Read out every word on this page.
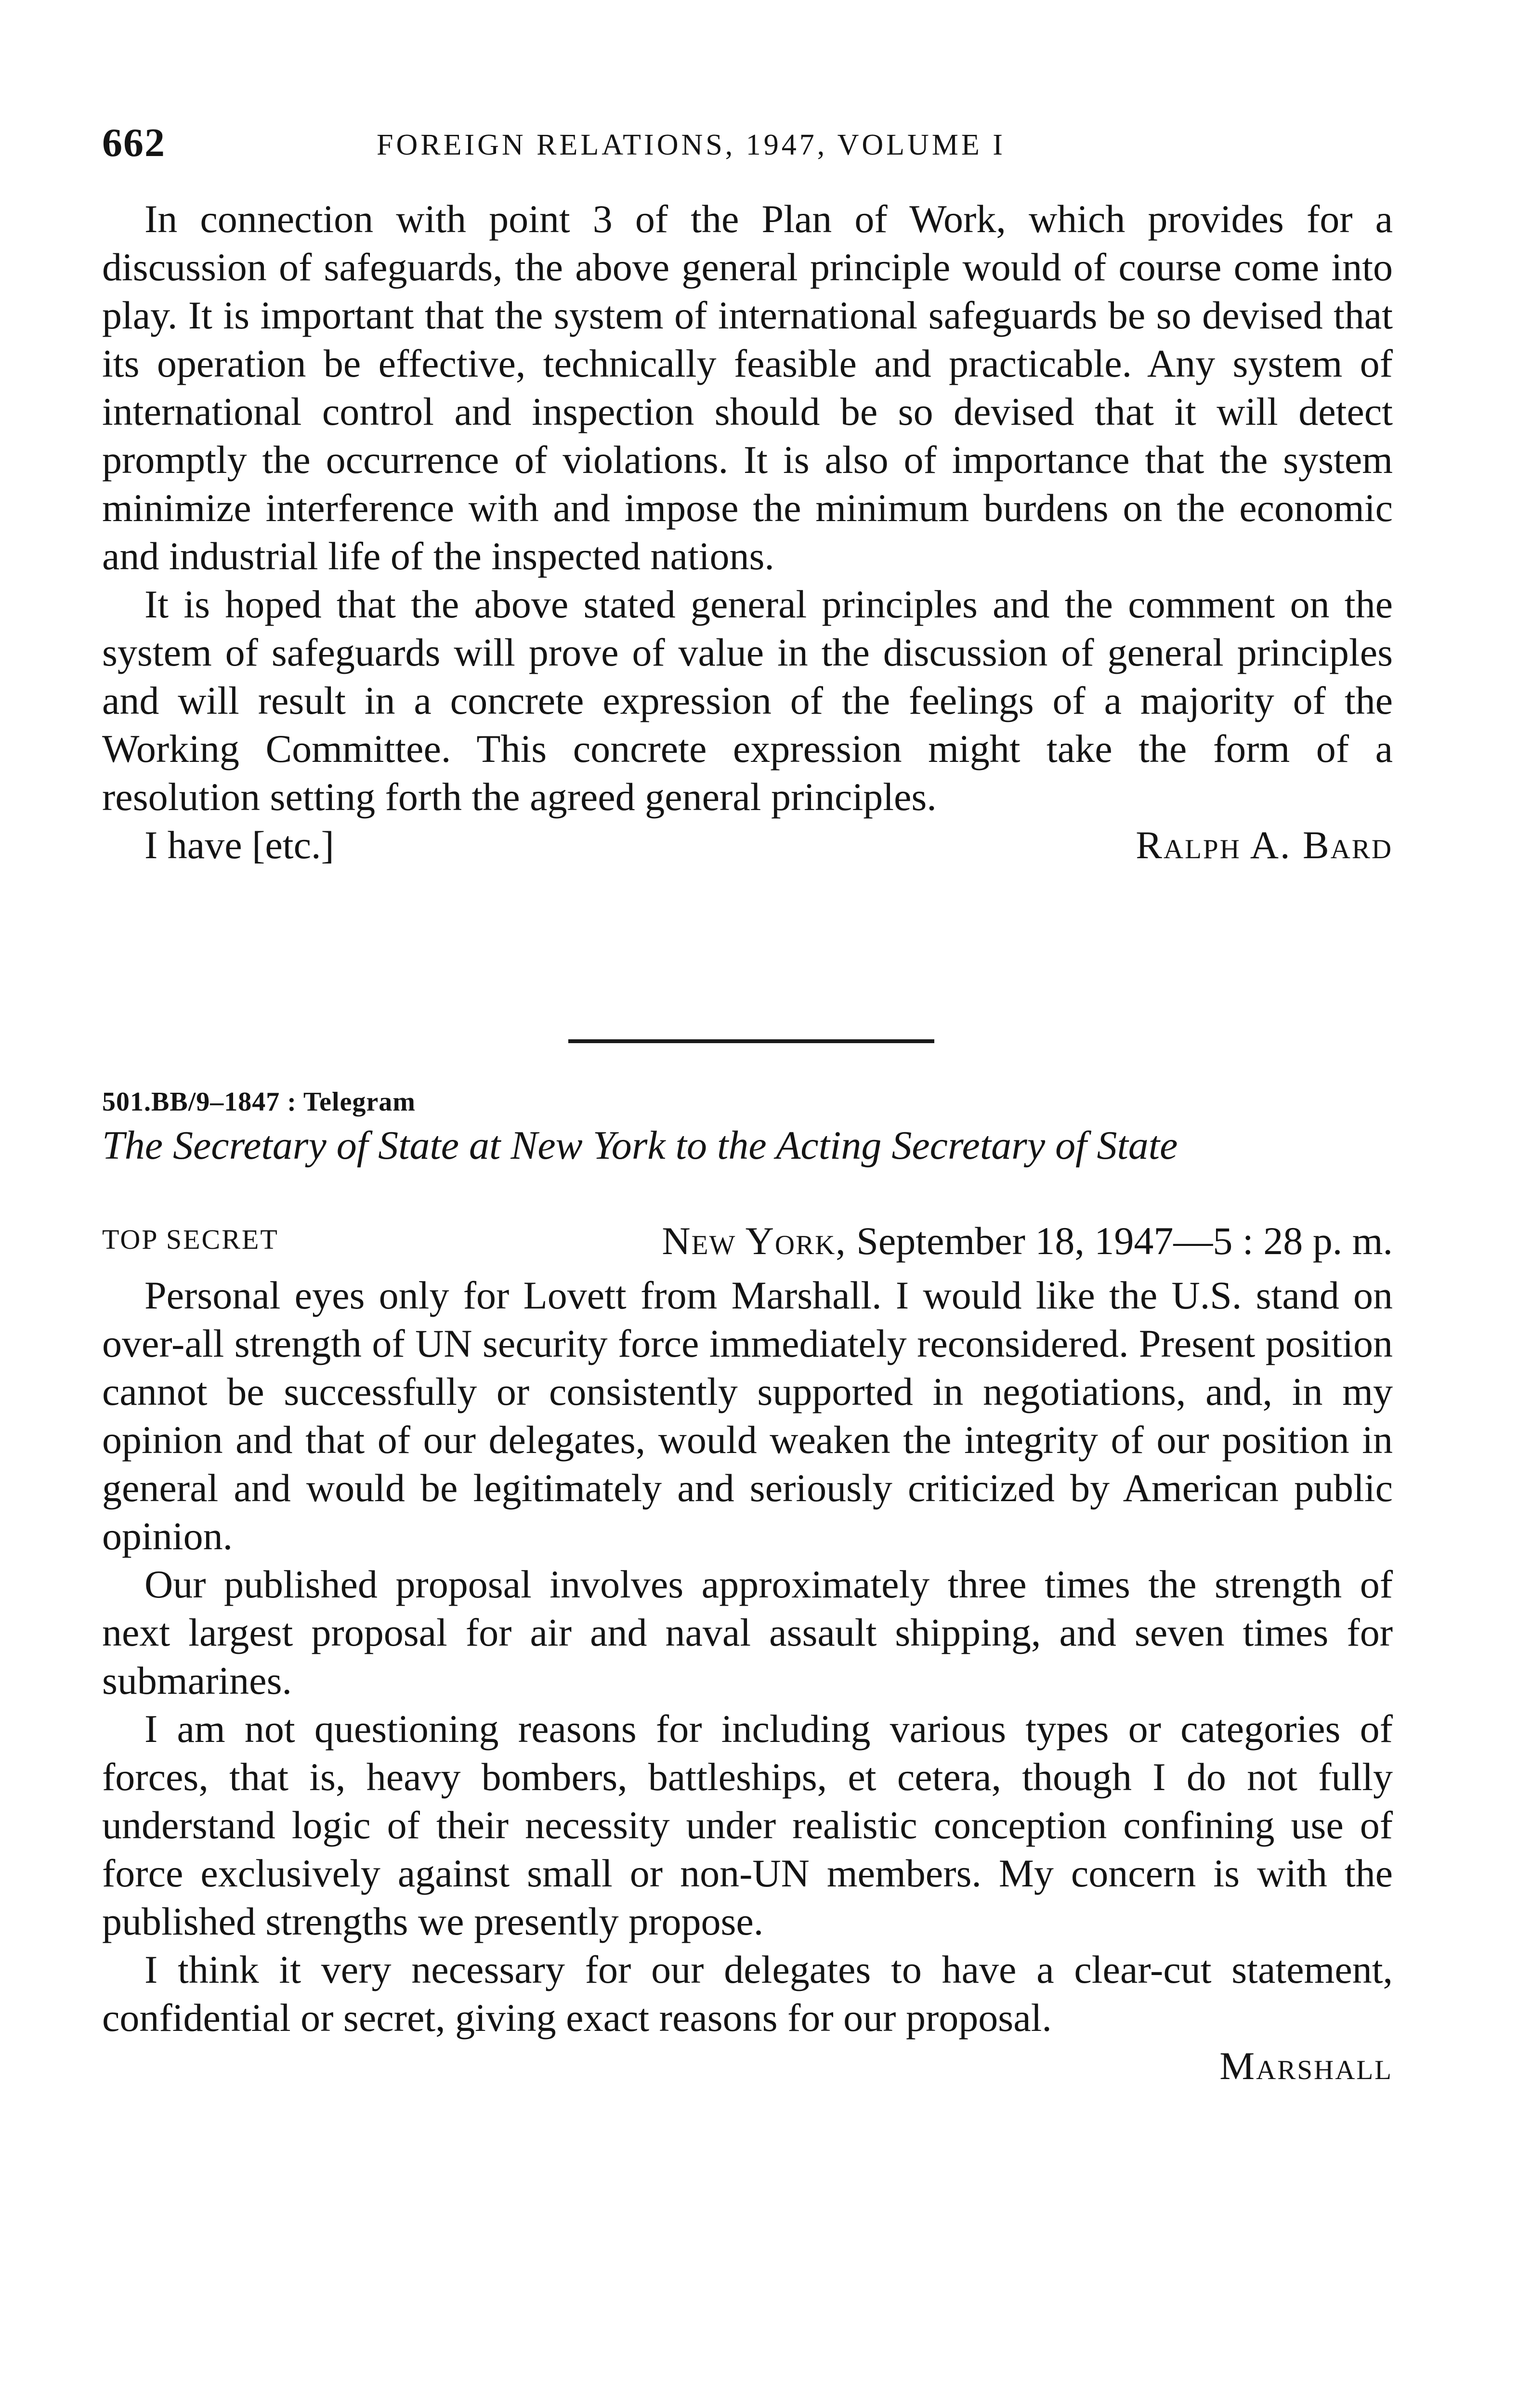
662	FOREIGN RELATIONS, 1947, VOLUME I

In connection with point 3 of the Plan of Work, which provides for a discussion of safeguards, the above general principle would of course come into play. It is important that the system of international safeguards be so devised that its operation be effective, technically feasible and practicable. Any system of international control and inspection should be so devised that it will detect promptly the occurrence of violations. It is also of importance that the system minimize interference with and impose the minimum burdens on the economic and industrial life of the inspected nations.

It is hoped that the above stated general principles and the comment on the system of safeguards will prove of value in the discussion of general principles and will result in a concrete expression of the feelings of a majority of the Working Committee. This concrete expression might take the form of a resolution setting forth the agreed general principles.

I have [etc.]	Ralph A. Bard
501.BB/9–1847 : Telegram
The Secretary of State at New York to the Acting Secretary of State
TOP SECRET	New York, September 18, 1947—5 : 28 p. m.

Personal eyes only for Lovett from Marshall. I would like the U.S. stand on over-all strength of UN security force immediately reconsidered. Present position cannot be successfully or consistently supported in negotiations, and, in my opinion and that of our delegates, would weaken the integrity of our position in general and would be legitimately and seriously criticized by American public opinion.

Our published proposal involves approximately three times the strength of next largest proposal for air and naval assault shipping, and seven times for submarines.

I am not questioning reasons for including various types or categories of forces, that is, heavy bombers, battleships, et cetera, though I do not fully understand logic of their necessity under realistic conception confining use of force exclusively against small or non-UN members. My concern is with the published strengths we presently propose.

I think it very necessary for our delegates to have a clear-cut statement, confidential or secret, giving exact reasons for our proposal.

Marshall
